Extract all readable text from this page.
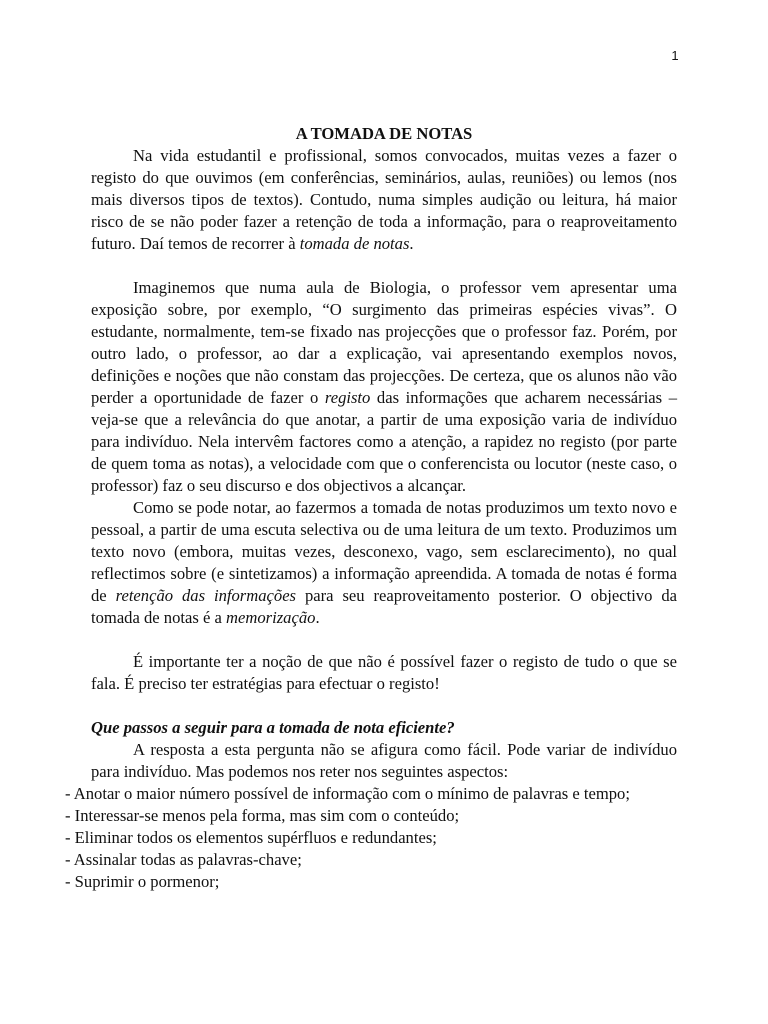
1
A TOMADA DE NOTAS

Na vida estudantil e profissional, somos convocados, muitas vezes a fazer o registo do que ouvimos (em conferências, seminários, aulas, reuniões) ou lemos (nos mais diversos tipos de textos). Contudo, numa simples audição ou leitura, há maior risco de se não poder fazer a retenção de toda a informação, para o reaproveitamento futuro. Daí temos de recorrer à tomada de notas.

Imaginemos que numa aula de Biologia, o professor vem apresentar uma exposição sobre, por exemplo, “O surgimento das primeiras espécies vivas”. O estudante, normalmente, tem-se fixado nas projecções que o professor faz. Porém, por outro lado, o professor, ao dar a explicação, vai apresentando exemplos novos, definições e noções que não constam das projecções. De certeza, que os alunos não vão perder a oportunidade de fazer o registo das informações que acharem necessárias – veja-se que a relevância do que anotar, a partir de uma exposição varia de indivíduo para indivíduo. Nela intervêm factores como a atenção, a rapidez no registo (por parte de quem toma as notas), a velocidade com que o conferencista ou locutor (neste caso, o professor) faz o seu discurso e dos objectivos a alcançar.

Como se pode notar, ao fazermos a tomada de notas produzimos um texto novo e pessoal, a partir de uma escuta selectiva ou de uma leitura de um texto. Produzimos um texto novo (embora, muitas vezes, desconexo, vago, sem esclarecimento), no qual reflectimos sobre (e sintetizamos) a informação apreendida. A tomada de notas é forma de retenção das informações para seu reaproveitamento posterior. O objectivo da tomada de notas é a memorização.

É importante ter a noção de que não é possível fazer o registo de tudo o que se fala. É preciso ter estratégias para efectuar o registo!

Que passos a seguir para a tomada de nota eficiente?

A resposta a esta pergunta não se afigura como fácil. Pode variar de indivíduo para indivíduo. Mas podemos nos reter nos seguintes aspectos:

- Anotar o maior número possível de informação com o mínimo de palavras e tempo;
- Interessar-se menos pela forma, mas sim com o conteúdo;
- Eliminar todos os elementos supérfluos e redundantes;
- Assinalar todas as palavras-chave;
- Suprimir o pormenor;
